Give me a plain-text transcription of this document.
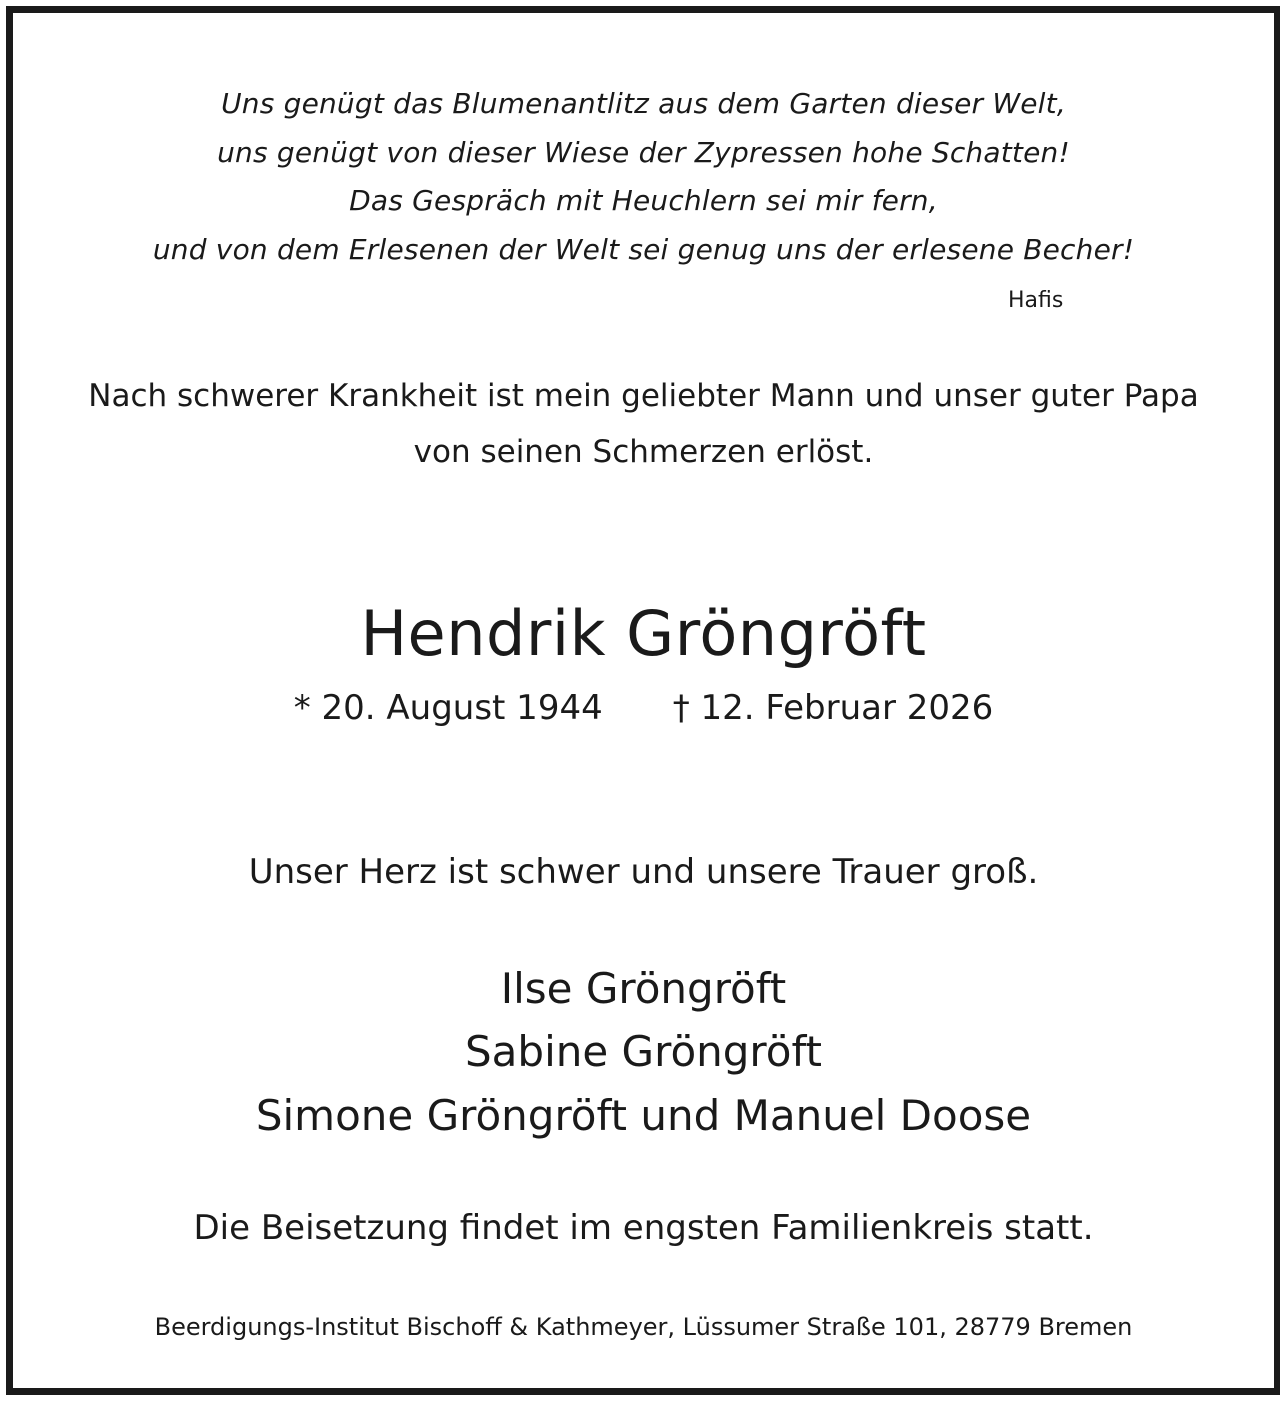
Uns genügt das Blumenantlitz aus dem Garten dieser Welt,
uns genügt von dieser Wiese der Zypressen hohe Schatten!
Das Gespräch mit Heuchlern sei mir fern,
und von dem Erlesenen der Welt sei genug uns der erlesene Becher!
Hafis
Nach schwerer Krankheit ist mein geliebter Mann und unser guter Papa
von seinen Schmerzen erlöst.
Hendrik Gröngröft
* 20. August 1944 † 12. Februar 2026
Unser Herz ist schwer und unsere Trauer groß.
Ilse Gröngröft
Sabine Gröngröft
Simone Gröngröft und Manuel Doose
Die Beisetzung findet im engsten Familienkreis statt.
Beerdigungs-Institut Bischoff & Kathmeyer, Lüssumer Straße 101, 28779 Bremen
